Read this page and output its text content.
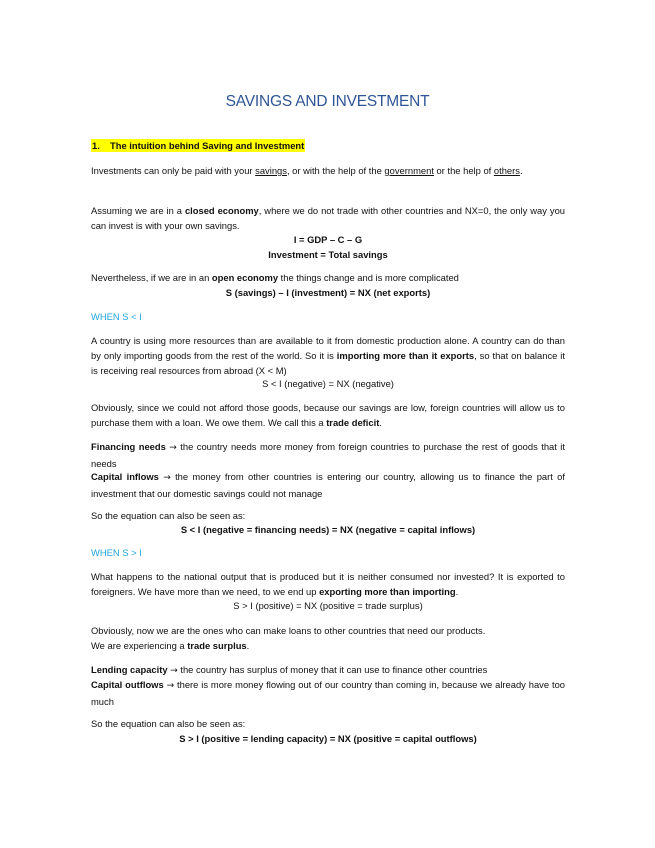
SAVINGS AND INVESTMENT

1. The intuition behind Saving and Investment

Investments can only be paid with your savings, or with the help of the government or the help of others.

Assuming we are in a closed economy, where we do not trade with other countries and NX=0, the only way you can invest is with your own savings.

I = GDP – C – G

Investment = Total savings

Nevertheless, if we are in an open economy the things change and is more complicated

S (savings) – I (investment) = NX (net exports)

WHEN S < I

A country is using more resources than are available to it from domestic production alone. A country can do than by only importing goods from the rest of the world. So it is importing more than it exports, so that on balance it is receiving real resources from abroad (X < M)

S < I (negative) = NX (negative)

Obviously, since we could not afford those goods, because our savings are low, foreign countries will allow us to purchase them with a loan. We owe them. We call this a trade deficit.

Financing needs → the country needs more money from foreign countries to purchase the rest of goods that it needs

Capital inflows → the money from other countries is entering our country, allowing us to finance the part of investment that our domestic savings could not manage

So the equation can also be seen as:

S < I (negative = financing needs) = NX (negative = capital inflows)

WHEN S > I

What happens to the national output that is produced but it is neither consumed nor invested? It is exported to foreigners. We have more than we need, to we end up exporting more than importing.

S > I (positive) = NX (positive = trade surplus)

Obviously, now we are the ones who can make loans to other countries that need our products.

We are experiencing a trade surplus.

Lending capacity → the country has surplus of money that it can use to finance other countries

Capital outflows → there is more money flowing out of our country than coming in, because we already have too much

So the equation can also be seen as:

S > I (positive = lending capacity) = NX (positive = capital outflows)
